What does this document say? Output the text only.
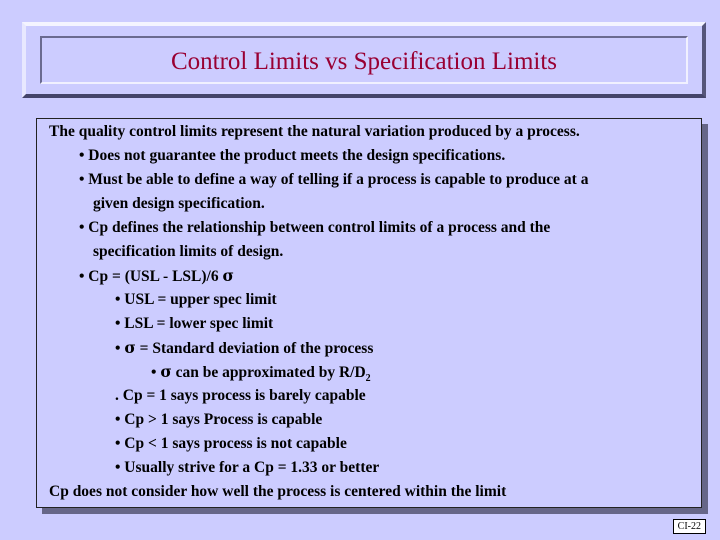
Control Limits vs Specification Limits
The quality control limits represent the natural variation produced by a process.
• Does not guarantee the product meets the design specifications.
• Must be able to define a way of telling if a process is capable to produce at a
given design specification.
• Cp defines the relationship between control limits of a process and the
specification limits of design.
• Cp = (USL - LSL)/6 σ
• USL = upper spec limit
• LSL = lower spec limit
• σ = Standard deviation of the process
• σ can be approximated by $R/D_2$
. Cp = 1 says process is barely capable
• Cp > 1 says Process is capable
• Cp < 1 says process is not capable
• Usually strive for a Cp = 1.33 or better
Cp does not consider how well the process is centered within the limit
CI-22
